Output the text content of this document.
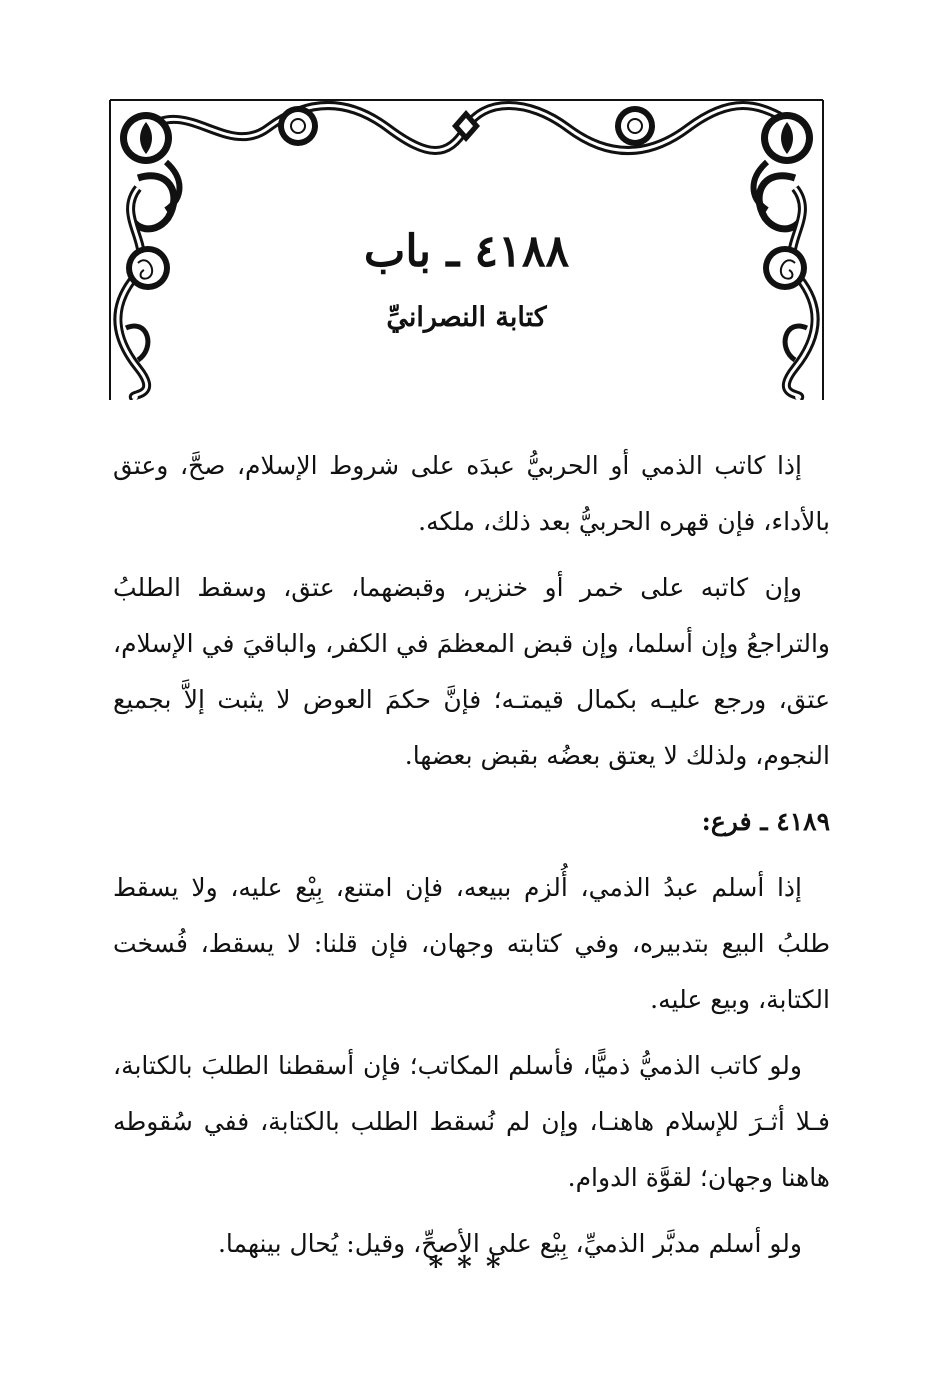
٤١٨٨ ـ باب
كتابة النصرانيِّ

إذا كاتب الذمي أو الحربيُّ عبدَه على شروط الإسلام، صحَّ، وعتق بالأداء، فإن قهره الحربيُّ بعد ذلك، ملكه.

وإن كاتبه على خمر أو خنزير، وقبضهما، عتق، وسقط الطلبُ والتراجعُ وإن أسلما، وإن قبض المعظمَ في الكفر، والباقيَ في الإسلام، عتق، ورجع عليـه بكمال قيمتـه؛ فإنَّ حكمَ العوض لا يثبت إلاَّ بجميع النجوم، ولذلك لا يعتق بعضُه بقبض بعضها.

٤١٨٩ ـ فرع:

إذا أسلم عبدُ الذمي، أُلزم ببيعه، فإن امتنع، بِيْع عليه، ولا يسقط طلبُ البيع بتدبيره، وفي كتابته وجهان، فإن قلنا: لا يسقط، فُسخت الكتابة، وبيع عليه.

ولو كاتب الذميُّ ذميًّا، فأسلم المكاتب؛ فإن أسقطنا الطلبَ بالكتابة، فـلا أثـرَ للإسلام هاهنـا، وإن لم نُسقط الطلب بالكتابة، ففي سُقوطه هاهنا وجهان؛ لقوَّة الدوام.

ولو أسلم مدبَّر الذميِّ، بِيْع على الأصحِّ، وقيل: يُحال بينهما.

***
